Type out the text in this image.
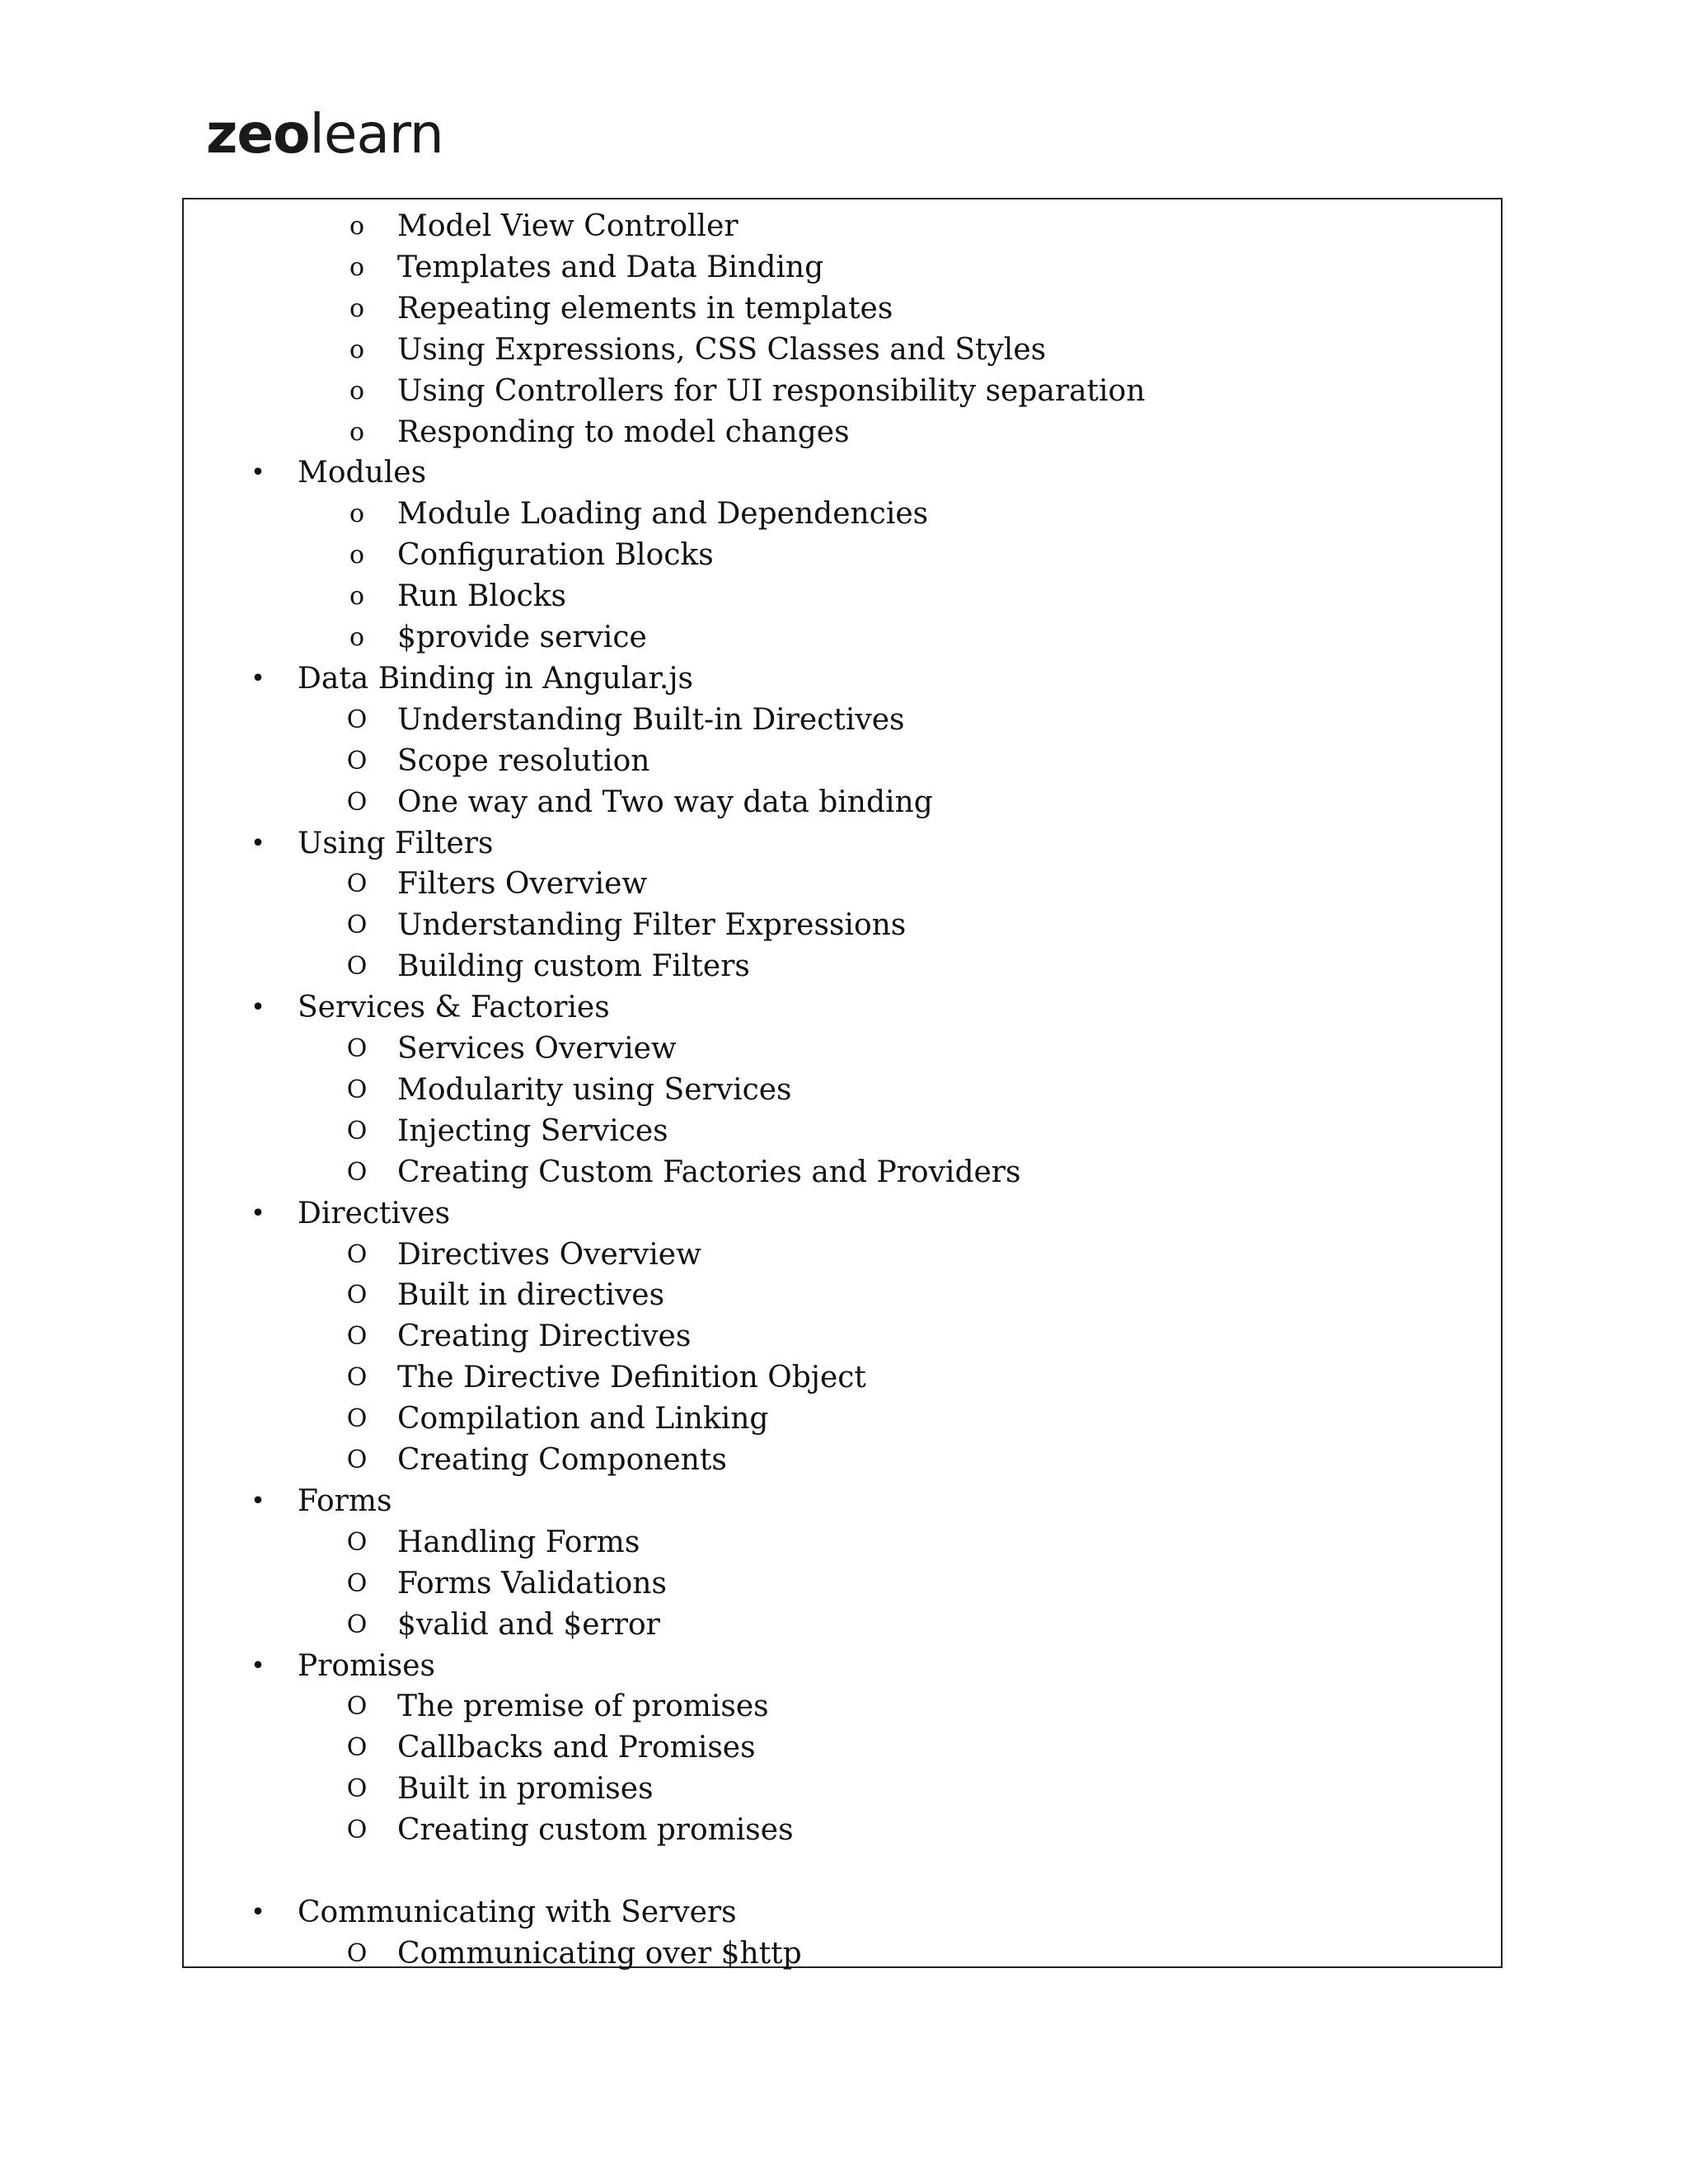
zeolearn
o Model View Controller
o Templates and Data Binding
o Repeating elements in templates
o Using Expressions, CSS Classes and Styles
o Using Controllers for UI responsibility separation
o Responding to model changes
• Modules
o Module Loading and Dependencies
o Configuration Blocks
o Run Blocks
o $provide service
• Data Binding in Angular.js
O Understanding Built-in Directives
O Scope resolution
O One way and Two way data binding
• Using Filters
O Filters Overview
O Understanding Filter Expressions
O Building custom Filters
• Services & Factories
O Services Overview
O Modularity using Services
O Injecting Services
O Creating Custom Factories and Providers
• Directives
O Directives Overview
O Built in directives
O Creating Directives
O The Directive Definition Object
O Compilation and Linking
O Creating Components
• Forms
O Handling Forms
O Forms Validations
O $valid and $error
• Promises
O The premise of promises
O Callbacks and Promises
O Built in promises
O Creating custom promises
• Communicating with Servers
O Communicating over $http
